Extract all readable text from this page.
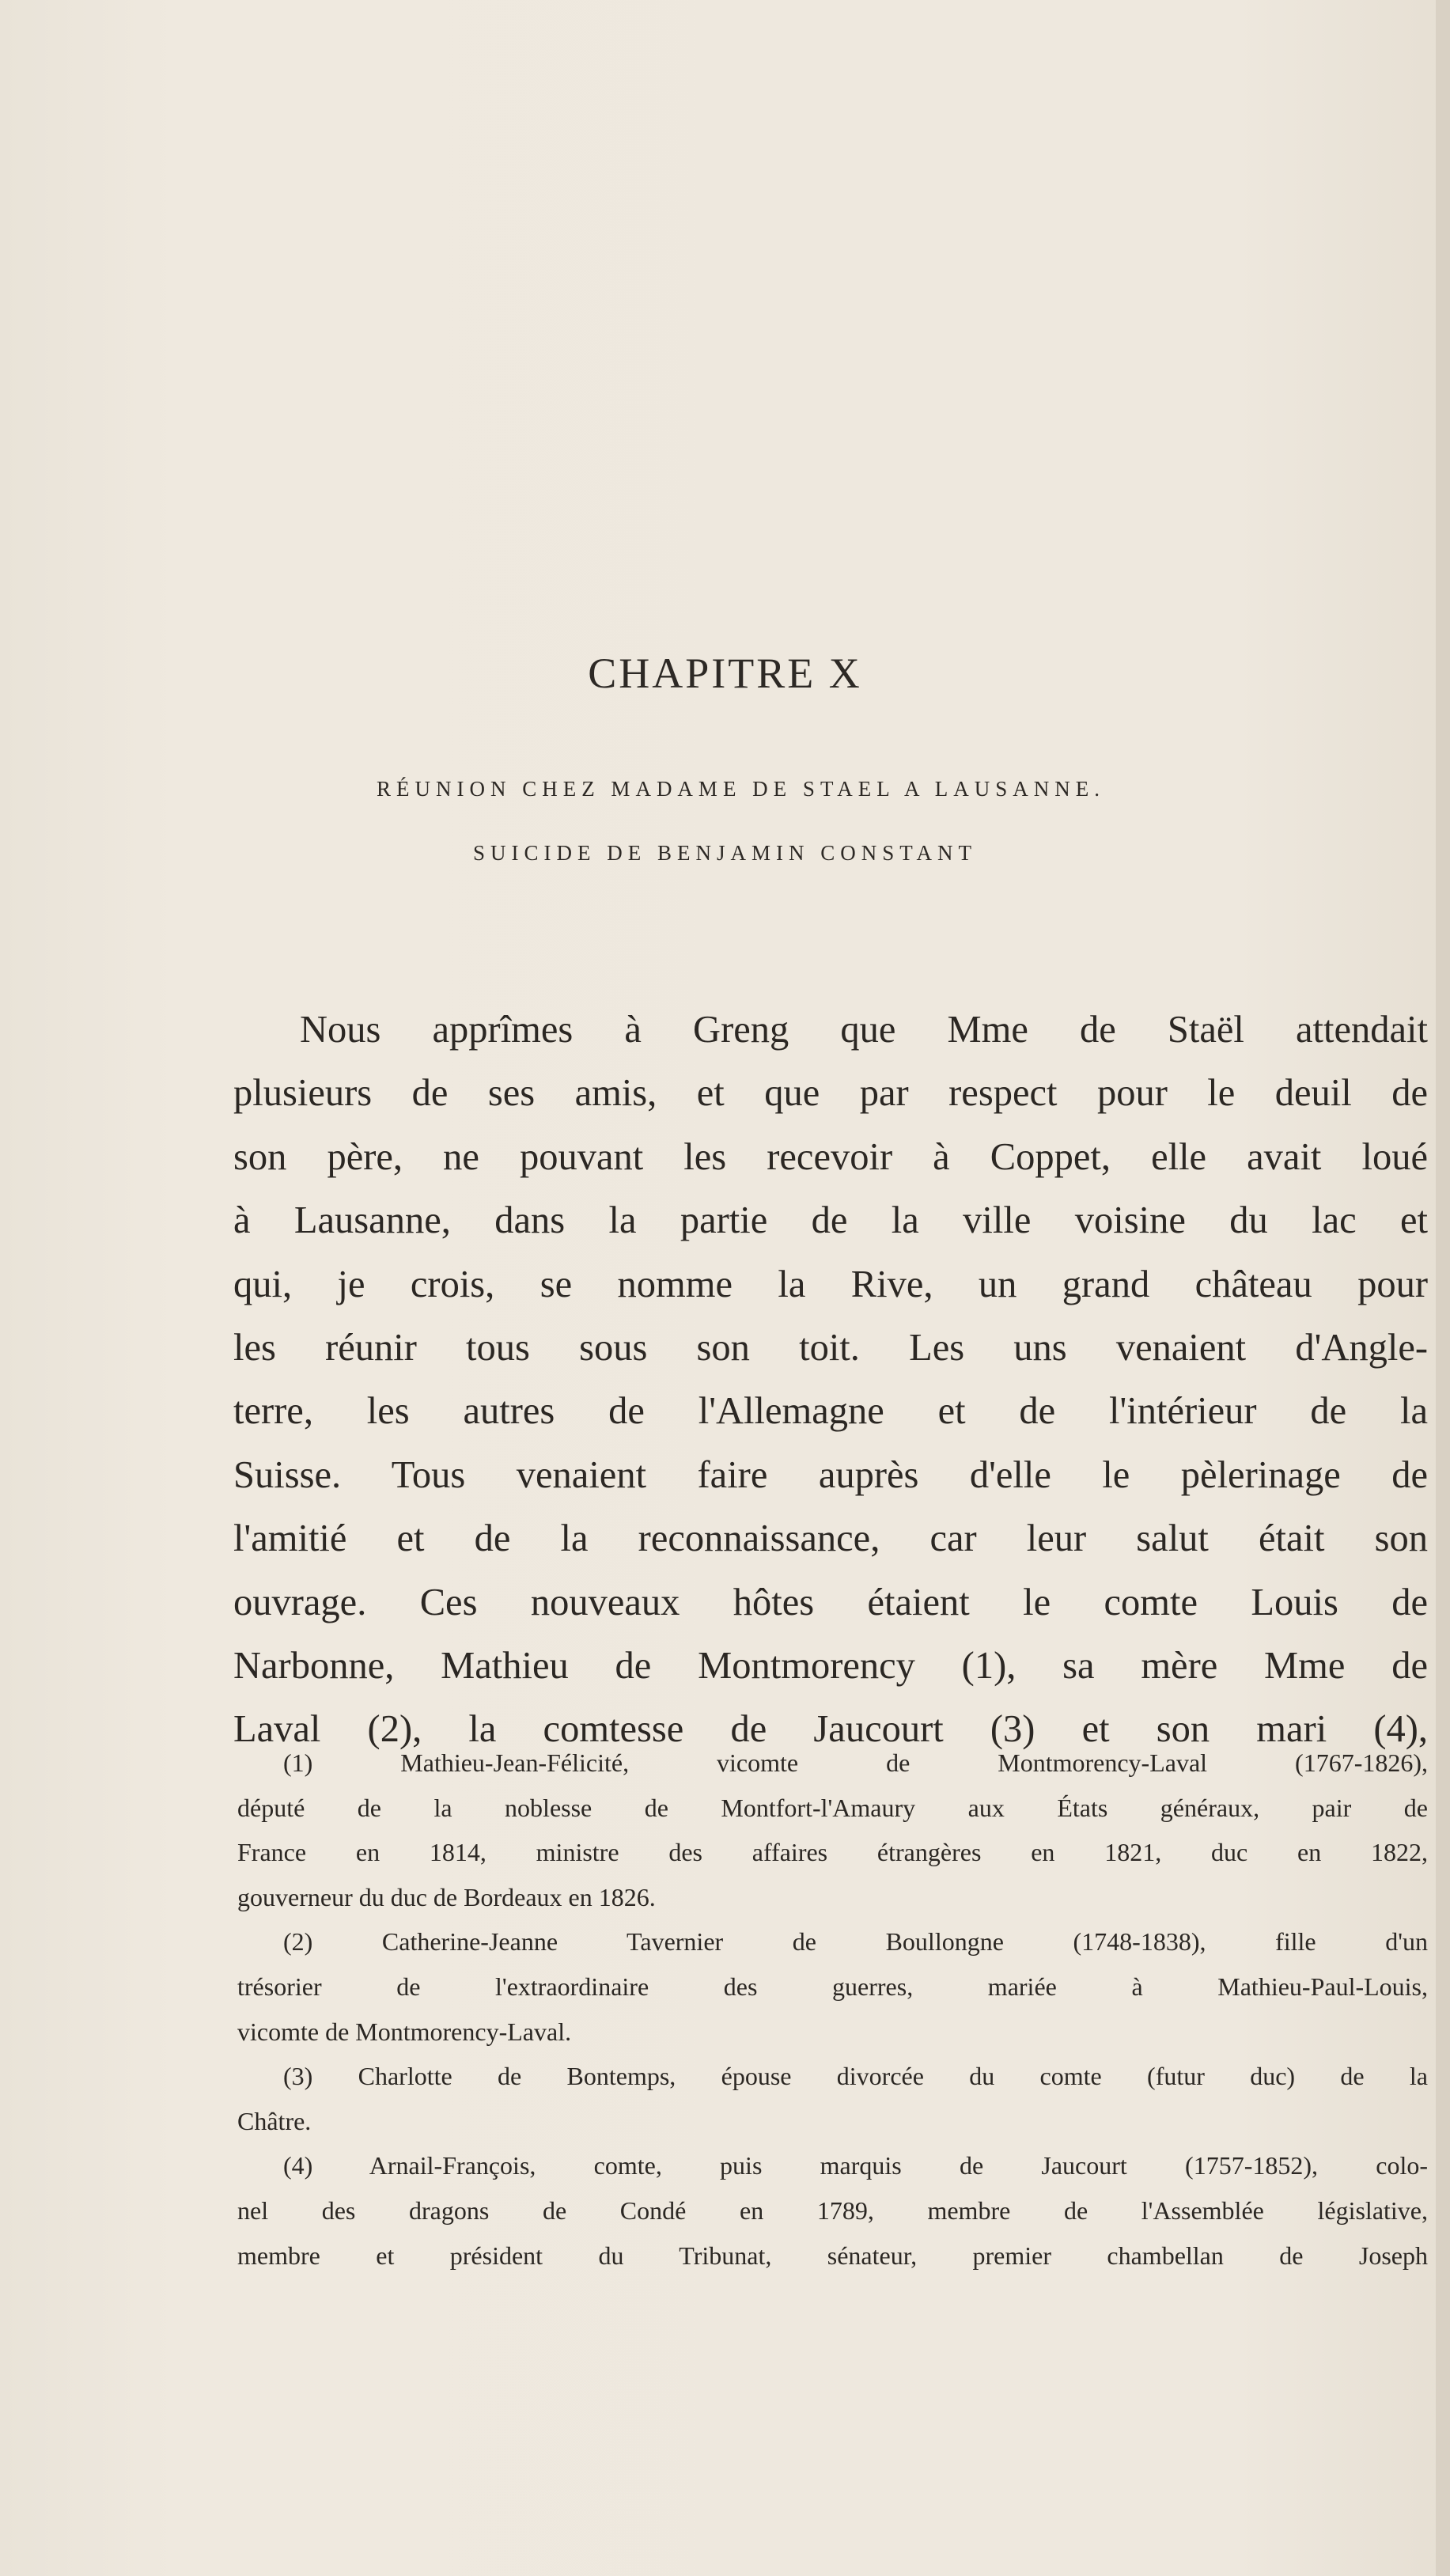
CHAPITRE X
RÉUNION CHEZ MADAME DE STAEL A LAUSANNE.
SUICIDE DE BENJAMIN CONSTANT
Nous apprîmes à Greng que Mme de Staël attendait
plusieurs de ses amis, et que par respect pour le deuil de
son père, ne pouvant les recevoir à Coppet, elle avait loué
à Lausanne, dans la partie de la ville voisine du lac et
qui, je crois, se nomme la Rive, un grand château pour
les réunir tous sous son toit. Les uns venaient d'Angle-
terre, les autres de l'Allemagne et de l'intérieur de la
Suisse. Tous venaient faire auprès d'elle le pèlerinage de
l'amitié et de la reconnaissance, car leur salut était son
ouvrage. Ces nouveaux hôtes étaient le comte Louis de
Narbonne, Mathieu de Montmorency (1), sa mère Mme de
Laval (2), la comtesse de Jaucourt (3) et son mari (4),
(1) Mathieu-Jean-Félicité, vicomte de Montmorency-Laval (1767-1826),
député de la noblesse de Montfort-l'Amaury aux États généraux, pair de
France en 1814, ministre des affaires étrangères en 1821, duc en 1822,
gouverneur du duc de Bordeaux en 1826.
(2) Catherine-Jeanne Tavernier de Boullongne (1748-1838), fille d'un
trésorier de l'extraordinaire des guerres, mariée à Mathieu-Paul-Louis,
vicomte de Montmorency-Laval.
(3) Charlotte de Bontemps, épouse divorcée du comte (futur duc) de la
Châtre.
(4) Arnail-François, comte, puis marquis de Jaucourt (1757-1852), colo-
nel des dragons de Condé en 1789, membre de l'Assemblée législative,
membre et président du Tribunat, sénateur, premier chambellan de Joseph
